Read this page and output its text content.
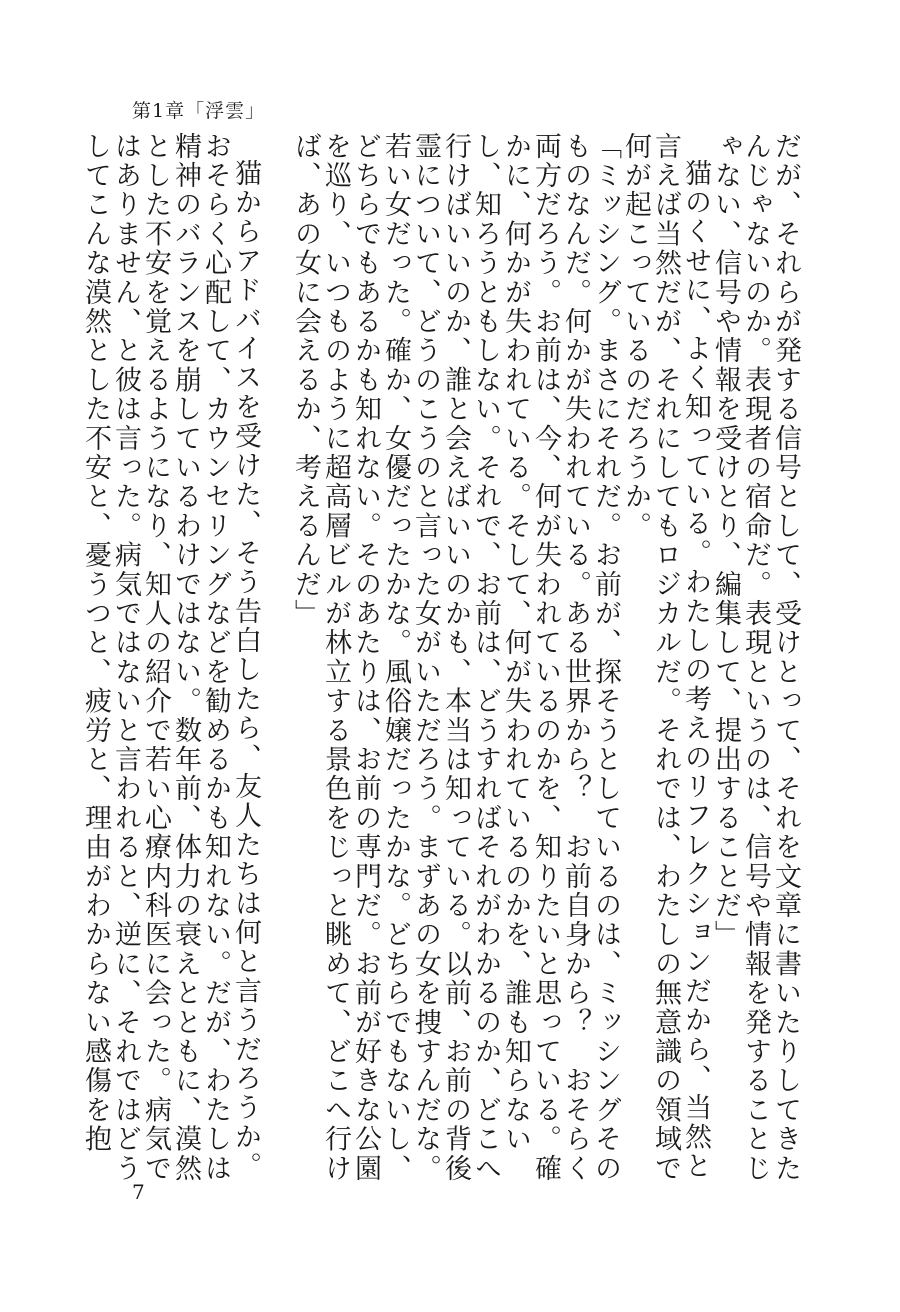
第1章「浮雲」

だが、それらが発する信号として、受けとって、それを文章に書いたりしてきたんじゃないのか。表現者の宿命だ。表現というのは、信号や情報を発することじゃない、信号や情報を受けとり、編集して、提出することだ」

猫のくせに、よく知っている。わたしの考えのリフレクションだから、当然と言えば当然だが、それにしてもロジカルだ。それでは、わたしの無意識の領域で何が起こっているのだろうか。

「ミッシング。まさにそれだ。お前が、探そうとしているのは、ミッシングそのものなんだ。何かが失われている。ある世界から？　お前自身から？　おそらく両方だろう。お前は、今、何が失われているのかを、知りたいと思っている。確かに、何かが失われている。そして、何が失われているのかを、誰も知らないし、知ろうともしない。それで、お前は、どうすればそれがわかるのか、どこへ行けばいいのか、誰と会えばいいのかも、本当は知っている。以前、お前の背後霊について、どうのこうのと言った女がいただろう。まずあの女を捜すんだな。若い女だった。確か、女優だったかな。風俗嬢だったかな。どちらでもないし、どちらでもあるかも知れない。そのあたりは、お前の専門だ。お前が好きな公園を巡り、いつものように超高層ビルが林立する景色をじっと眺めて、どこへ行けば、あの女に会えるか、考えるんだ」

猫からアドバイスを受けた、そう告白したら、友人たちは何と言うだろうか。おそらく心配して、カウンセリングなどを勧めるかも知れない。だが、わたしは精神のバランスを崩しているわけではない。数年前、体力の衰えとともに、漠然とした不安を覚えるようになり、知人の紹介で若い心療内科医に会った。病気ではありません、と彼は言った。病気ではないと言われると、逆に、それではどうしてこんな漠然とした不安と、憂うつと、疲労と、理由がわからない感傷を抱

7
